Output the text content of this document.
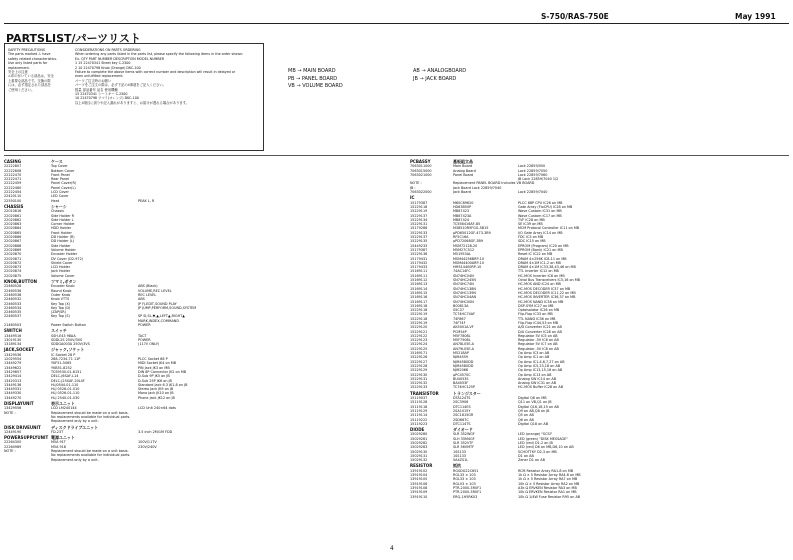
S-750/RAS-750E	May 1991
PARTSLIST/パーツリスト
SAFETY PRECAUTIONS
The parts marked ⚠ have
safety related characteristics.
Use only listed parts for
replacement.
安全上の注意
⚠印の付いている部品は、安全
上重要な部品です。交換の際
には、必ず指定された部品を
ご使用ください。
CONSIDERATIONS ON PARTS ORDERING
When ordering any parts listed in the parts list, please specify the following items in the order shown:
Ex. QTY PART NUMBER DESCRIPTION MODEL NUMBER
1 15 22470341 Sheet key C-2500
2 10 22470798 Knob (Orange) DKC-100
Failure to complete the above items with correct number and description will result in delayed or
even unfulfilled replacement.
パーツご注文時のお願い
パーツをご注文の際は、必ず下記の4事項をご記入ください。
数量 部品番号 品名 使用機種
15 22470341 シートキー C-2500
10 22470798 ツマミ(オレンジ) DKC-100
以上4項目に誤りや記入漏れがありますと、お届けが遅れる場合があります。
MB → MAIN BOARD	AB → ANALOGBOARD
PB → PANEL BOARD	JB → JACK BOARD
VB → VOLUME BOARD
CASING	ケース
22222807	Top Cover
22222808	Bottom Cover
22222470	Front Panel
22222471	Rear Panel
22222459	Panel Cover(R)
22222460	Panel Cover(L)
22222454	LCD Cover
22420110	LED Cover
22550100	Heat	PEAK L, R
CHASSIS	シャーシ
22010816	Chassis
22020861	Side Holder R
22020862	Side Holder L
22020863	Corner Holder
22020864	HDD Holder
22020865	Front Holder
22020866	DD Holder (R)
22020867	DD Holder (L)
22020868	Side Holder
22020869	Volume Holder
22020870	Encoder Holder
22020871	DV Cover (D2-972)
22020872	Shield Cover
22020873	LCD Holder
22020874	Jack Holder
22020875	Volume Cover
KNOB,BUTTON	ツマミ,ボタン
22460528	Encoder Knob	ABS (Black)
22460536	Round Knob	VOLUME,REC LEVEL
22460538	Outer Knob	REC LEVEL
22460532	Knob VTTS	ABS
22460533	Key Top (X)	JP FJ-EDIT,SOUND PLAY
22460534	Key Top (D)	JP JUMP,PERFORM,SOUND,SYSTEM
22460535	(ZAP/SR)
22460537	Key Top (S)	SP SI,SL,▼,▲,LEFT▲,RIGHT▲
MARK,INDEX,COMMAND
21460503	Power Switch Button	POWER
SWITCH	スイッチ
13449516	SSH-E43 98AA	TACT
13019130	SDDL2S 250V/3VS	POWER
13189134	SDDGA003A 250V/3VS	(117V ONLY)
JACK,SOCKET	ジャック,ソケット
13429536	IC Socket 28 P
12029554	288-7234-71 11P	PLCC Socket 68 P
13449279	YKF51-5065	MIDI Socket JK4 on MB
13449622	YKB51-8252	PIN Jack JK3 on MB
13429857	TCS9530-01-6151	DIN 8P Connector JK2 on MB
13429414	DELC-J6SAF-L14	D-Sub 9P JK5 on JB
13420313	DELC-J25SAF-20L4F	D-Sub 25P JK6 on JB
13449136	HLJ0544-01-110	Standard Jack 6.3 JK1-8 on JB
13449331	HLJ 0526-01-010	Stereo Jack JK9 on JB
13449330	HLJ 0526-01-110	Mono Jack JK10 on JB
13449270	HLJ 2540-01-030	Phone Jack JK12 on JB
DISPLAYUNIT	表示ユニット
13429556	LCD LM240144	LCD Unit 240×64 dots
NOTE :	Replacement should be made on a unit basis.
No replacements available for individual parts.
Replacement only by a unit.
DISK DRIVEUNIT	ディスクドライブユニット
12449190	FD-23T	3.5 inch 2M/1M FDD
POWERSUPPLYUNIT 電源ユニット
22264300	M5A 91T	100V/117V
22264989	M5A 918	230V/240V
NOTE :	Replacement should be made on a unit basis.
No replacements available for individual parts.
Replacement only by a unit.
PCBASSY	基板組立品
7063011000	Main Board	Lock 22859/050
7063015000	Analog Board	Lock 22859/7050
7063021000	Panel Board	Lock 22859/7060
JB Lock 22859/7040 1/2
NOTE :	Replacement PANEL BOARD includes VB BOARD
JB :	Jack Board Lock 22859/7040
7063022000	Jack Board	Lock 22859/7040
IC
15179387	M60C89620	PLCC 68P CPU IC26 on MB
15229118	HD63B50P	Gate Array (FloCPU) IC28 on MB
15229119	MB87423	Wave Custom IC31 on MB
15229137	MB87423A	Wave Custom IC17 on MB
15229134	MB87424	TVF IC28 on MB
15229131	TC55B416AF-85	SE IC39 on MB
15179286	M38510R5FGG-5B15	MCM Protocol Controller IC11 on MB
15229133	µPD65012GF-473-3B9	I/O Gate Array IC14 on MB
15229137	RF5C16A	FDC IC3 on MB
15229135	µPD72068GF-3B9	SDC IC15 on MB
15449233	MSM72128-20	EPROM (Program) IC20 on MB
15179387	M5M27C512	EPROM (Bank) IC21 on MB
15229136	M51953AL	Reset IC IC22 on MB
15179431	MSM44256BRP-10	DRAM 4×256K IC8-11 on MB
15179432	MSM44400ARP-10	DRAM 4×1M IC1-2 on MB
15179433	HM514400RP-10	DRAM 4×1M IC33,38,43,46 on MB
15169111	74AC14FC	TTL Inverter IC12 on MB
15169111	SN74HC04N	HC-MOS Inverter IC6 on MB
15169112	SN74HC245N	Octal Bus Transceivers IC5,16 on MB
15169113	SN74HC74N	HC-MOS AND IC24 on MB
15169114	SN74HC138N	HC-MOS DECODER IC37 on MB
15169115	SN74HC139N	HC-MOS DECODER IC11,22 on MB
15169116	SN74HC04AN	HC-MOS INVERTER IC36,37 on MB
15169117	SN74HC00N	HC-MOS NAND IC38 on MB
15169118	B00813A	DSP-SYM IC27 on MB
15229118	S5C37	Optoisolator IC26 on MB
15229119	TC74HC74AF	Flip-Flop IC33 on MB
15229118	74F867	TTL NAND IC36 on MB
15229119	74F74F	Flip-Flop IC44,53 on MB
15229120	AK5001A-VF	A/D Converter IC21 on AB
15229121	PCM54P	D/A Converter IC28 on AB
15229122	M5F7808L	Regulator 5V IC5 on AB
15229123	M5F7908L	Regulator -5V IC6 on AB
15229124	AN78L05E-A	Regulator 5V IC7 on AB
15229125	AN79L05E-A	Regulator -5V IC8 on AB
15169171	M5218AP	Op Amp IC3 on AB
15229126	NJM4559	Op Amp IC1 on AB
15229127	NJM4580DD	Op Amp IC1-4,6,7,27 on AB
15229128	NJM4580DD	Op Amp IC5,23,18 on AB
15229129	NJM2068	Op Amp IC13,15,16 on AB
15229130	µPC4570C	Op Amp IC13 on AB
15229131	BU4053S	Analog SW IC14 on AB
15229132	BA4053F	Analog SW IC31 on AB
15229133	TC74HC125P	HC-MOS Buffer IC28 on AB
TRANSISTOR	トランジスター
15119037	DTA124TS	Digital Q6 on MB
15119128	2SC3906	Q11 on VB,Q1 on JB
15119118	DTC114ES	Digital Q16,18,19 on AB
15119129	2SA1015Y	Q9 on AB,Q8 on JB
15119114	2SC1815GR	Q5 on AB
15119222	2SD667C	Q6 on AB
15119223	DTC114TS	Digital Q18 on AB
DIODE	ダイオード
15029280	SLR 352WGF	LED (orange) "SCSI"
15029281	SLH 35M4GF	LED (green) "DISK MESSAGE"
15029282	SLR 352VTF	LED (red) D1-2 on JB
15029283	SLR 56VMTF	LED (red) D6 on MB,D6,10 on AB
15029130	1SS133	SCHOTTKY D2,3 on MB
15029131	1SS133	D1 on AB
15029132	5A4ZS1L	Zener D1 on AB
RESISTOR	抵抗
13919102	RGSDG22C651	RCM Resistor Array RA1-8 on MB
13919104	RGL33 × 103	1k Ω × 5 Resistor Array RA4-6 on MB
13919105	RGL33 × 103	1k Ω × 5 Resistor Array RA7 on MB
13919106	RGL03 × 103	10k Ω × 5 Resistor Array RA2 on MB
13919108	PTR-2000-3R0F1	A3k Ω ERVKEN Resistor RA3 on MB
13919109	PTR-2000-3R0F1	10k Ω ERVKEN Resistor RA1 on MB
13919110	ERQ-1H5RK03	10k Ω 1/4W Fuse Resistor R95 on AB
4
